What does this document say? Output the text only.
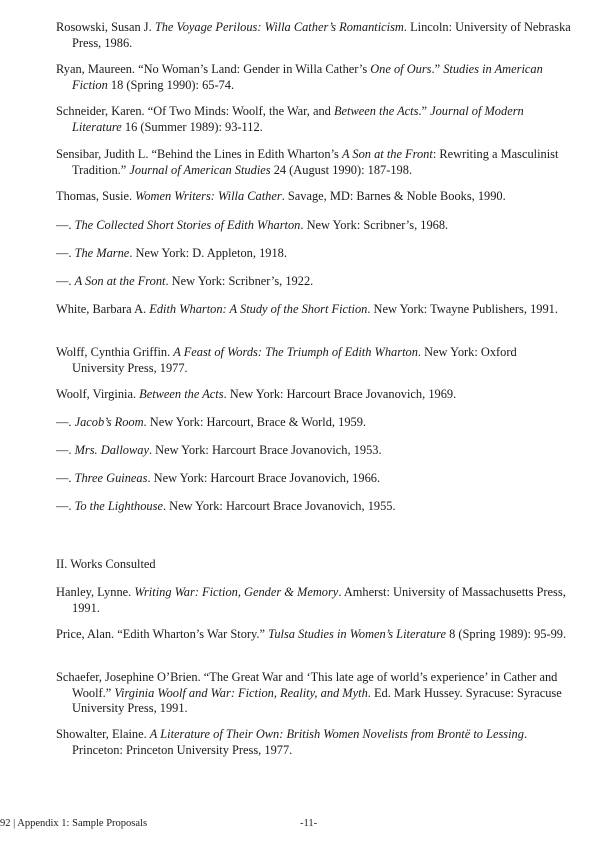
Rosowski, Susan J. The Voyage Perilous: Willa Cather’s Romanticism. Lincoln: University of Nebraska Press, 1986.
Ryan, Maureen. “No Woman’s Land: Gender in Willa Cather’s One of Ours.” Studies in American Fiction 18 (Spring 1990): 65-74.
Schneider, Karen. “Of Two Minds: Woolf, the War, and Between the Acts.” Journal of Modern Literature 16 (Summer 1989): 93-112.
Sensibar, Judith L. “Behind the Lines in Edith Wharton’s A Son at the Front: Rewriting a Masculinist Tradition.” Journal of American Studies 24 (August 1990): 187-198.
Thomas, Susie. Women Writers: Willa Cather. Savage, MD: Barnes & Noble Books, 1990.
—. The Collected Short Stories of Edith Wharton. New York: Scribner’s, 1968.
—. The Marne. New York: D. Appleton, 1918.
—. A Son at the Front. New York: Scribner’s, 1922.
White, Barbara A. Edith Wharton: A Study of the Short Fiction. New York: Twayne Publishers, 1991.
Wolff, Cynthia Griffin. A Feast of Words: The Triumph of Edith Wharton. New York: Oxford University Press, 1977.
Woolf, Virginia. Between the Acts. New York: Harcourt Brace Jovanovich, 1969.
—. Jacob’s Room. New York: Harcourt, Brace & World, 1959.
—. Mrs. Dalloway. New York: Harcourt Brace Jovanovich, 1953.
—. Three Guineas. New York: Harcourt Brace Jovanovich, 1966.
—. To the Lighthouse. New York: Harcourt Brace Jovanovich, 1955.
II. Works Consulted
Hanley, Lynne. Writing War: Fiction, Gender & Memory. Amherst: University of Massachusetts Press, 1991.
Price, Alan. “Edith Wharton’s War Story.” Tulsa Studies in Women’s Literature 8 (Spring 1989): 95-99.
Schaefer, Josephine O’Brien. “The Great War and ‘This late age of world’s experience’ in Cather and Woolf.” Virginia Woolf and War: Fiction, Reality, and Myth. Ed. Mark Hussey. Syracuse: Syracuse University Press, 1991.
Showalter, Elaine. A Literature of Their Own: British Women Novelists from Brontë to Lessing. Princeton: Princeton University Press, 1977.
92 | Appendix 1: Sample Proposals	-11-
